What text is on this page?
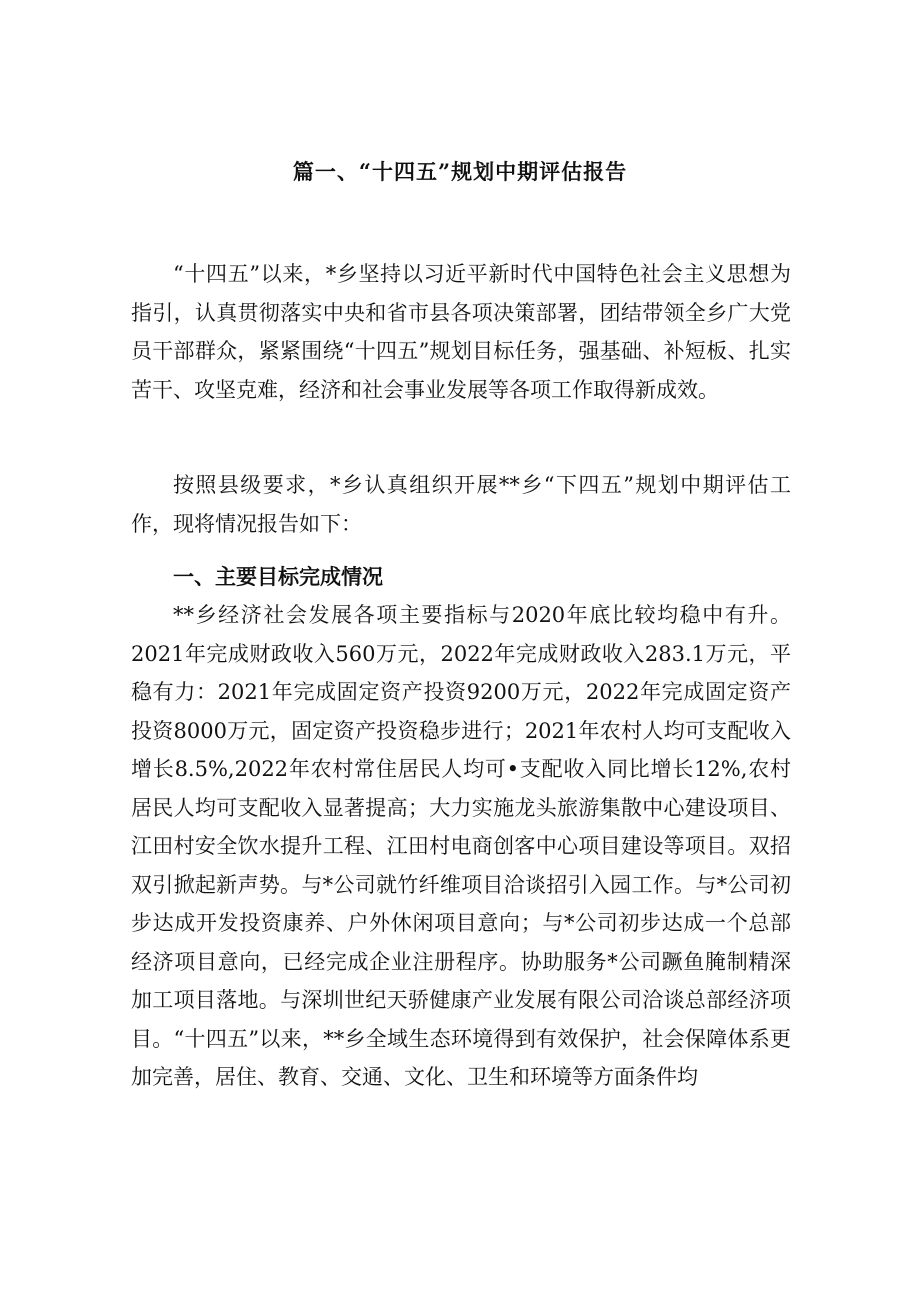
篇一、“十四五”规划中期评估报告

“十四五”以来，*乡坚持以习近平新时代中国特色社会主义思想为指引，认真贯彻落实中央和省市县各项决策部署，团结带领全乡广大党员干部群众，紧紧围绕“十四五”规划目标任务，强基础、补短板、扎实苦干、攻坚克难，经济和社会事业发展等各项工作取得新成效。

按照县级要求，*乡认真组织开展**乡“下四五”规划中期评估工作，现将情况报告如下：

一、主要目标完成情况

**乡经济社会发展各项主要指标与2020年底比较均稳中有升。2021年完成财政收入560万元，2022年完成财政收入283.1万元，平稳有力：2021年完成固定资产投资9200万元，2022年完成固定资产投资8000万元，固定资产投资稳步进行；2021年农村人均可支配收入增长8.5%,2022年农村常住居民人均可•支配收入同比增长12%,农村居民人均可支配收入显著提高；大力实施龙头旅游集散中心建设项目、江田村安全饮水提升工程、江田村电商创客中心项目建设等项目。双招双引掀起新声势。与*公司就竹纤维项目洽谈招引入园工作。与*公司初步达成开发投资康养、户外休闲项目意向；与*公司初步达成一个总部经济项目意向，已经完成企业注册程序。协助服务*公司蹶鱼腌制精深加工项目落地。与深圳世纪天骄健康产业发展有限公司洽谈总部经济项目。“十四五”以来，**乡全域生态环境得到有效保护，社会保障体系更加完善，居住、教育、交通、文化、卫生和环境等方面条件均
